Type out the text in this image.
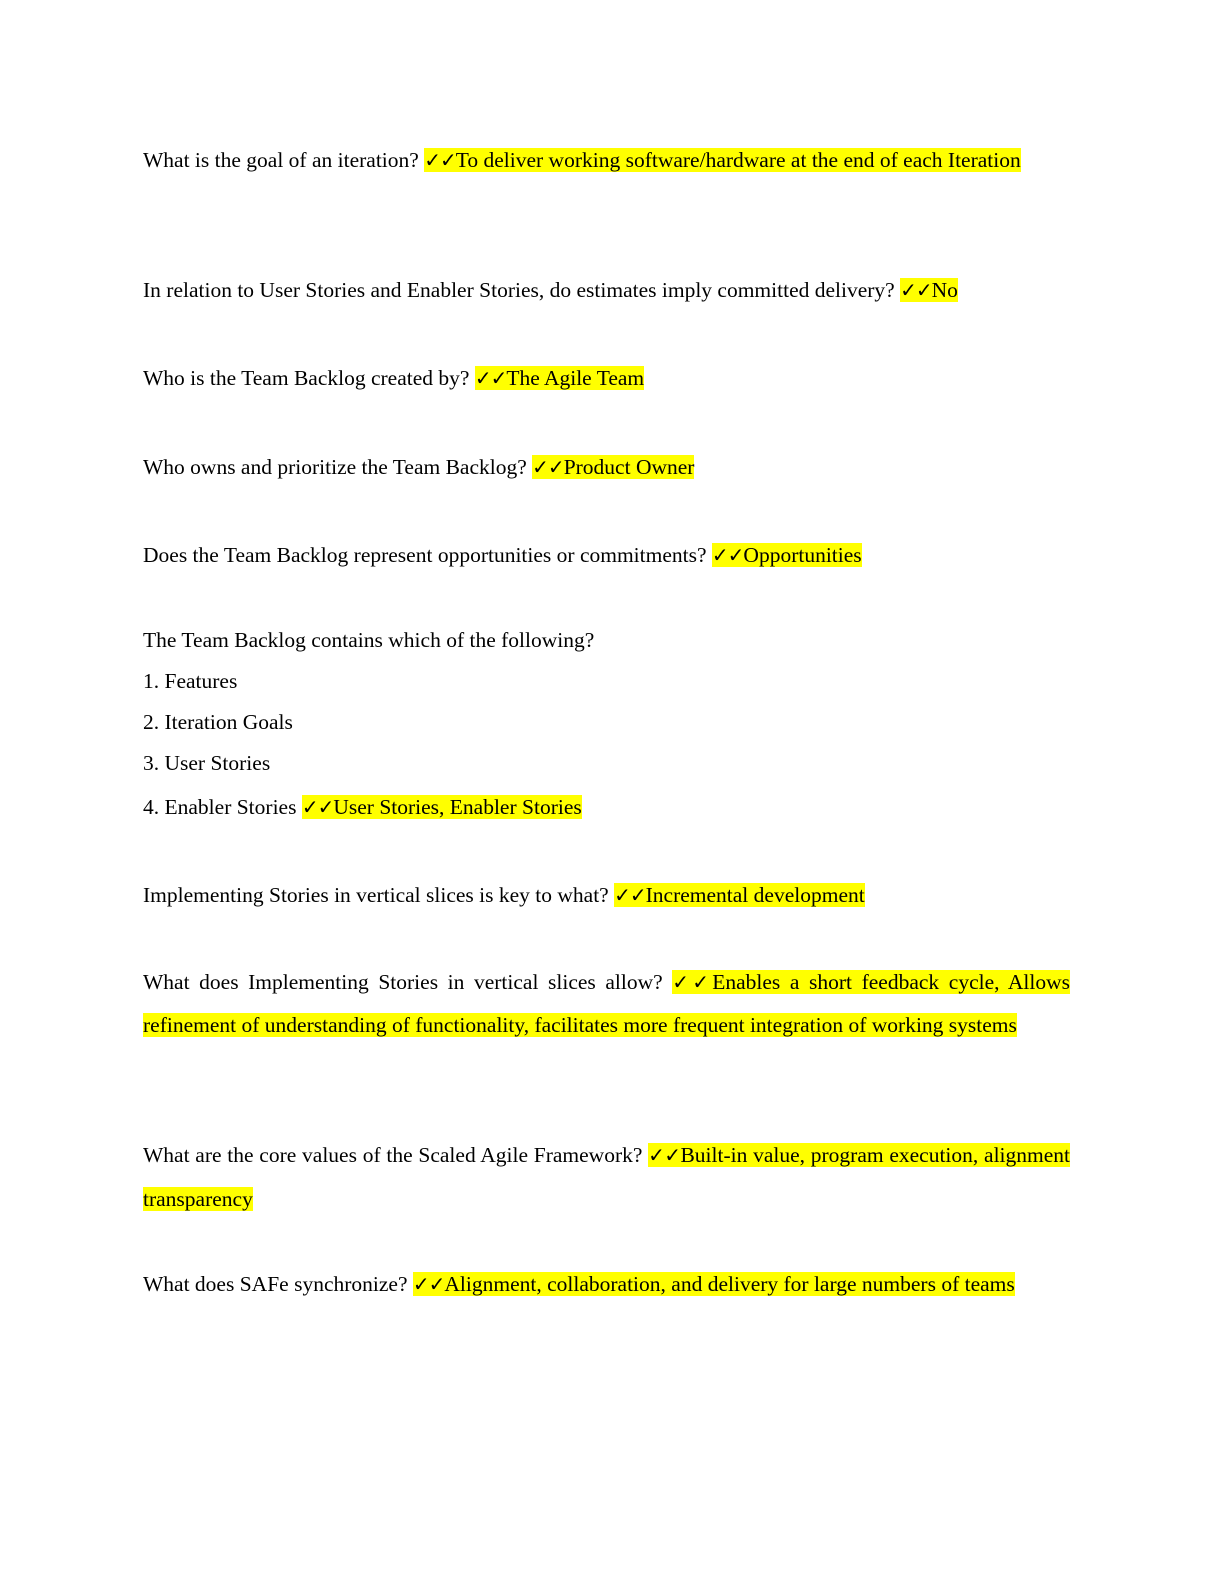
What is the goal of an iteration? ✓✓To deliver working software/hardware at the end of each Iteration

In relation to User Stories and Enabler Stories, do estimates imply committed delivery? ✓✓No

Who is the Team Backlog created by? ✓✓The Agile Team

Who owns and prioritize the Team Backlog? ✓✓Product Owner

Does the Team Backlog represent opportunities or commitments? ✓✓Opportunities

The Team Backlog contains which of the following?

1. Features

2. Iteration Goals

3. User Stories

4. Enabler Stories ✓✓User Stories, Enabler Stories

Implementing Stories in vertical slices is key to what? ✓✓Incremental development

What does Implementing Stories in vertical slices allow? ✓✓Enables a short feedback cycle, Allows refinement of understanding of functionality, facilitates more frequent integration of working systems

What are the core values of the Scaled Agile Framework? ✓✓Built-in value, program execution, alignment transparency

What does SAFe synchronize? ✓✓Alignment, collaboration, and delivery for large numbers of teams
